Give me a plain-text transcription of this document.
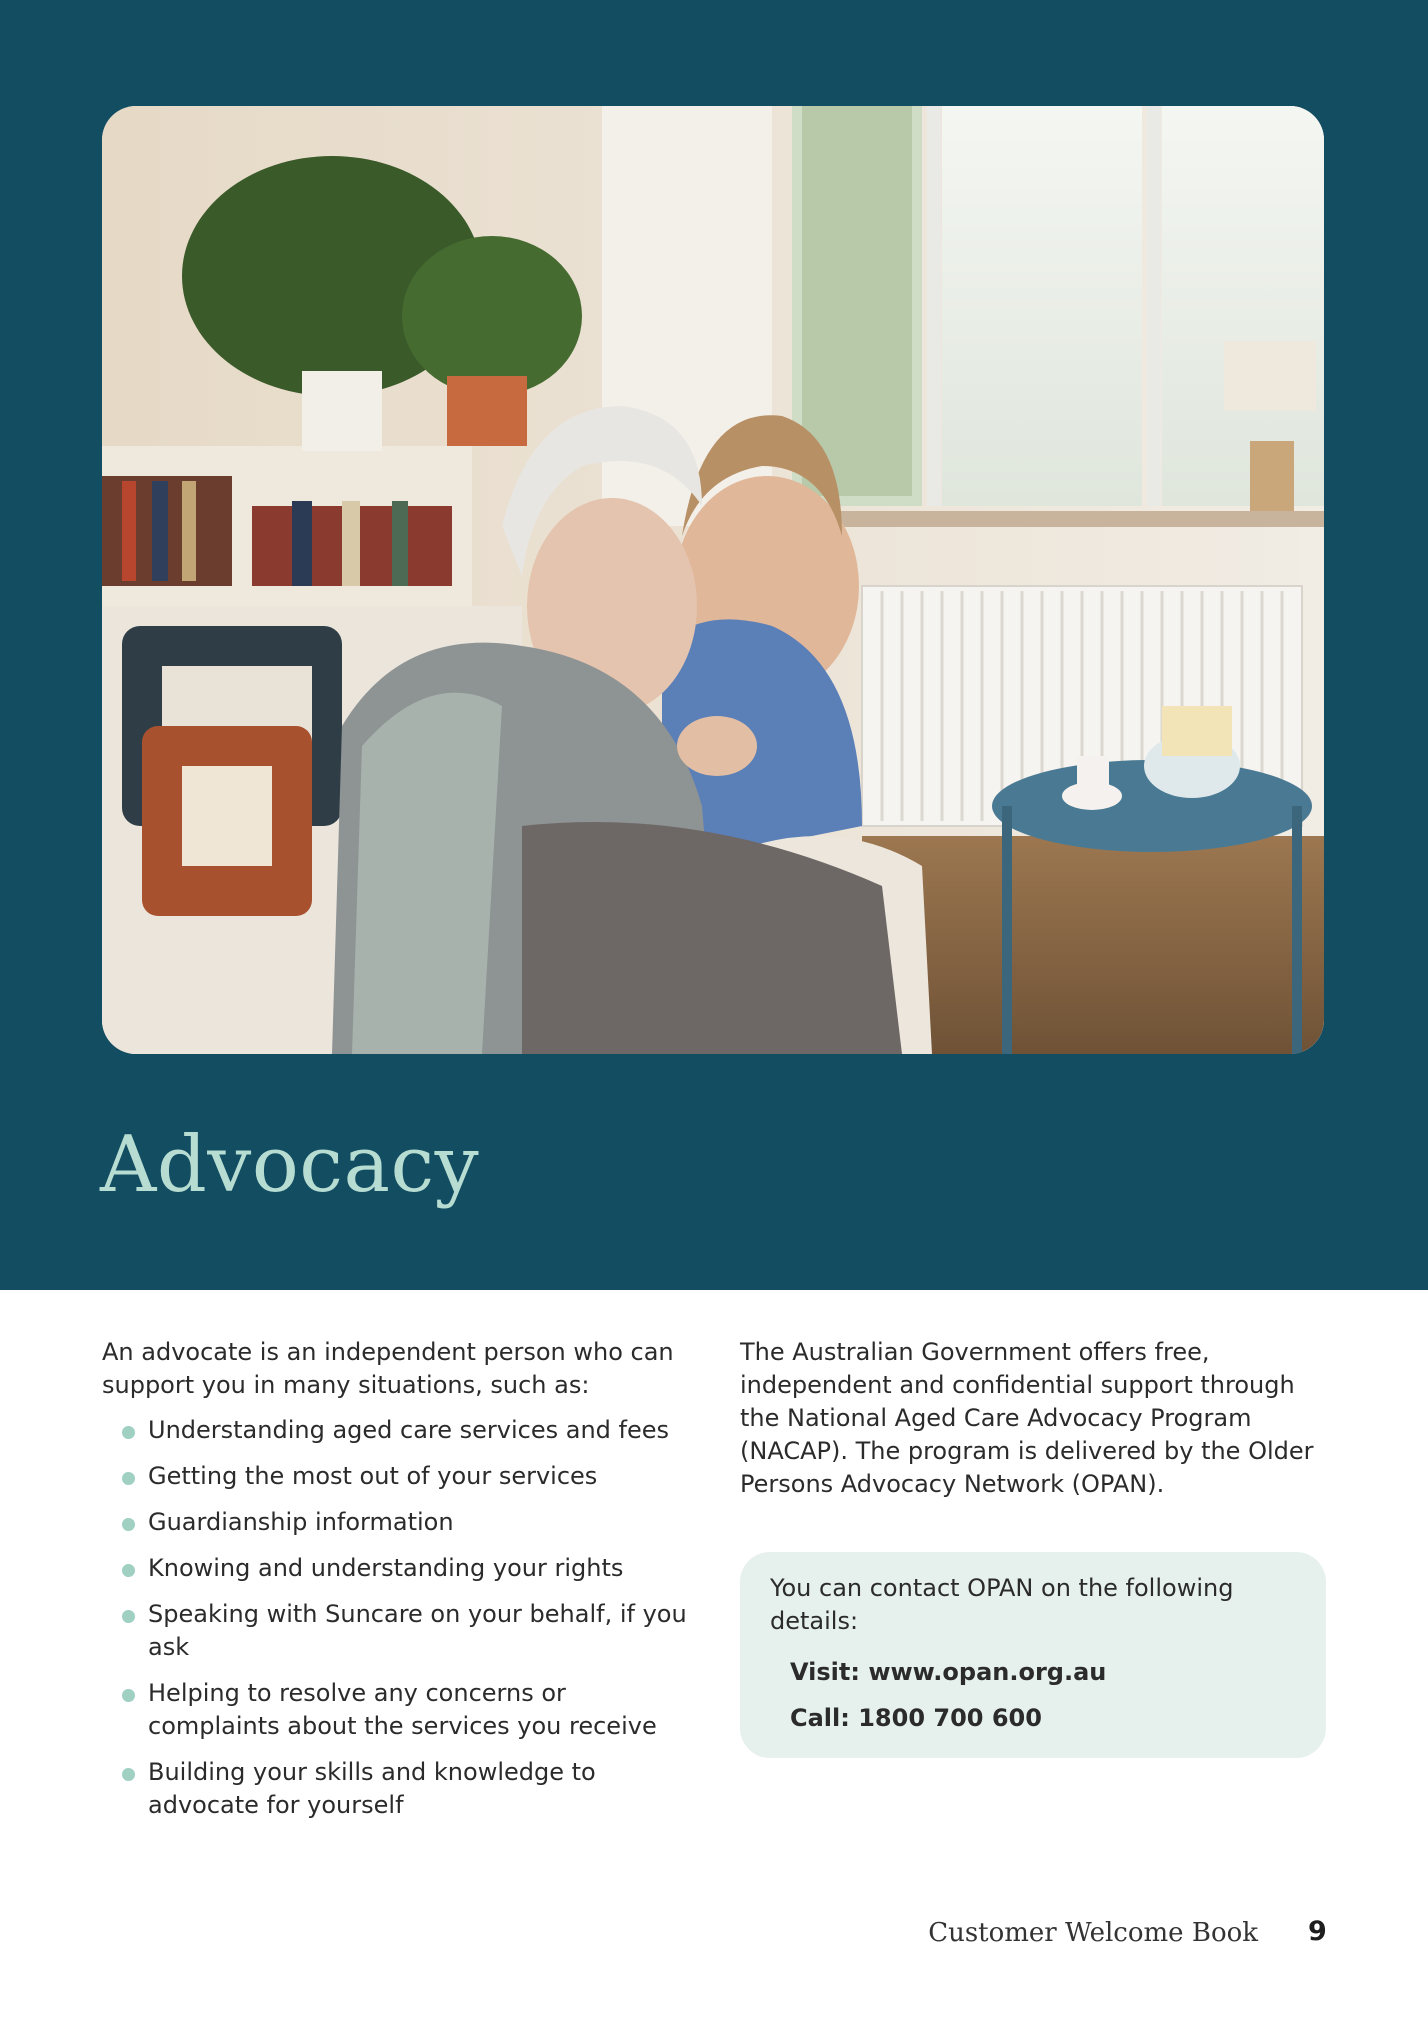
Advocacy

An advocate is an independent person who can support you in many situations, such as:

Understanding aged care services and fees
Getting the most out of your services
Guardianship information
Knowing and understanding your rights
Speaking with Suncare on your behalf, if you ask
Helping to resolve any concerns or complaints about the services you receive
Building your skills and knowledge to advocate for yourself

The Australian Government offers free, independent and confidential support through the National Aged Care Advocacy Program (NACAP). The program is delivered by the Older Persons Advocacy Network (OPAN).

You can contact OPAN on the following details:
Visit: www.opan.org.au
Call: 1800 700 600
Customer Welcome Book 9
